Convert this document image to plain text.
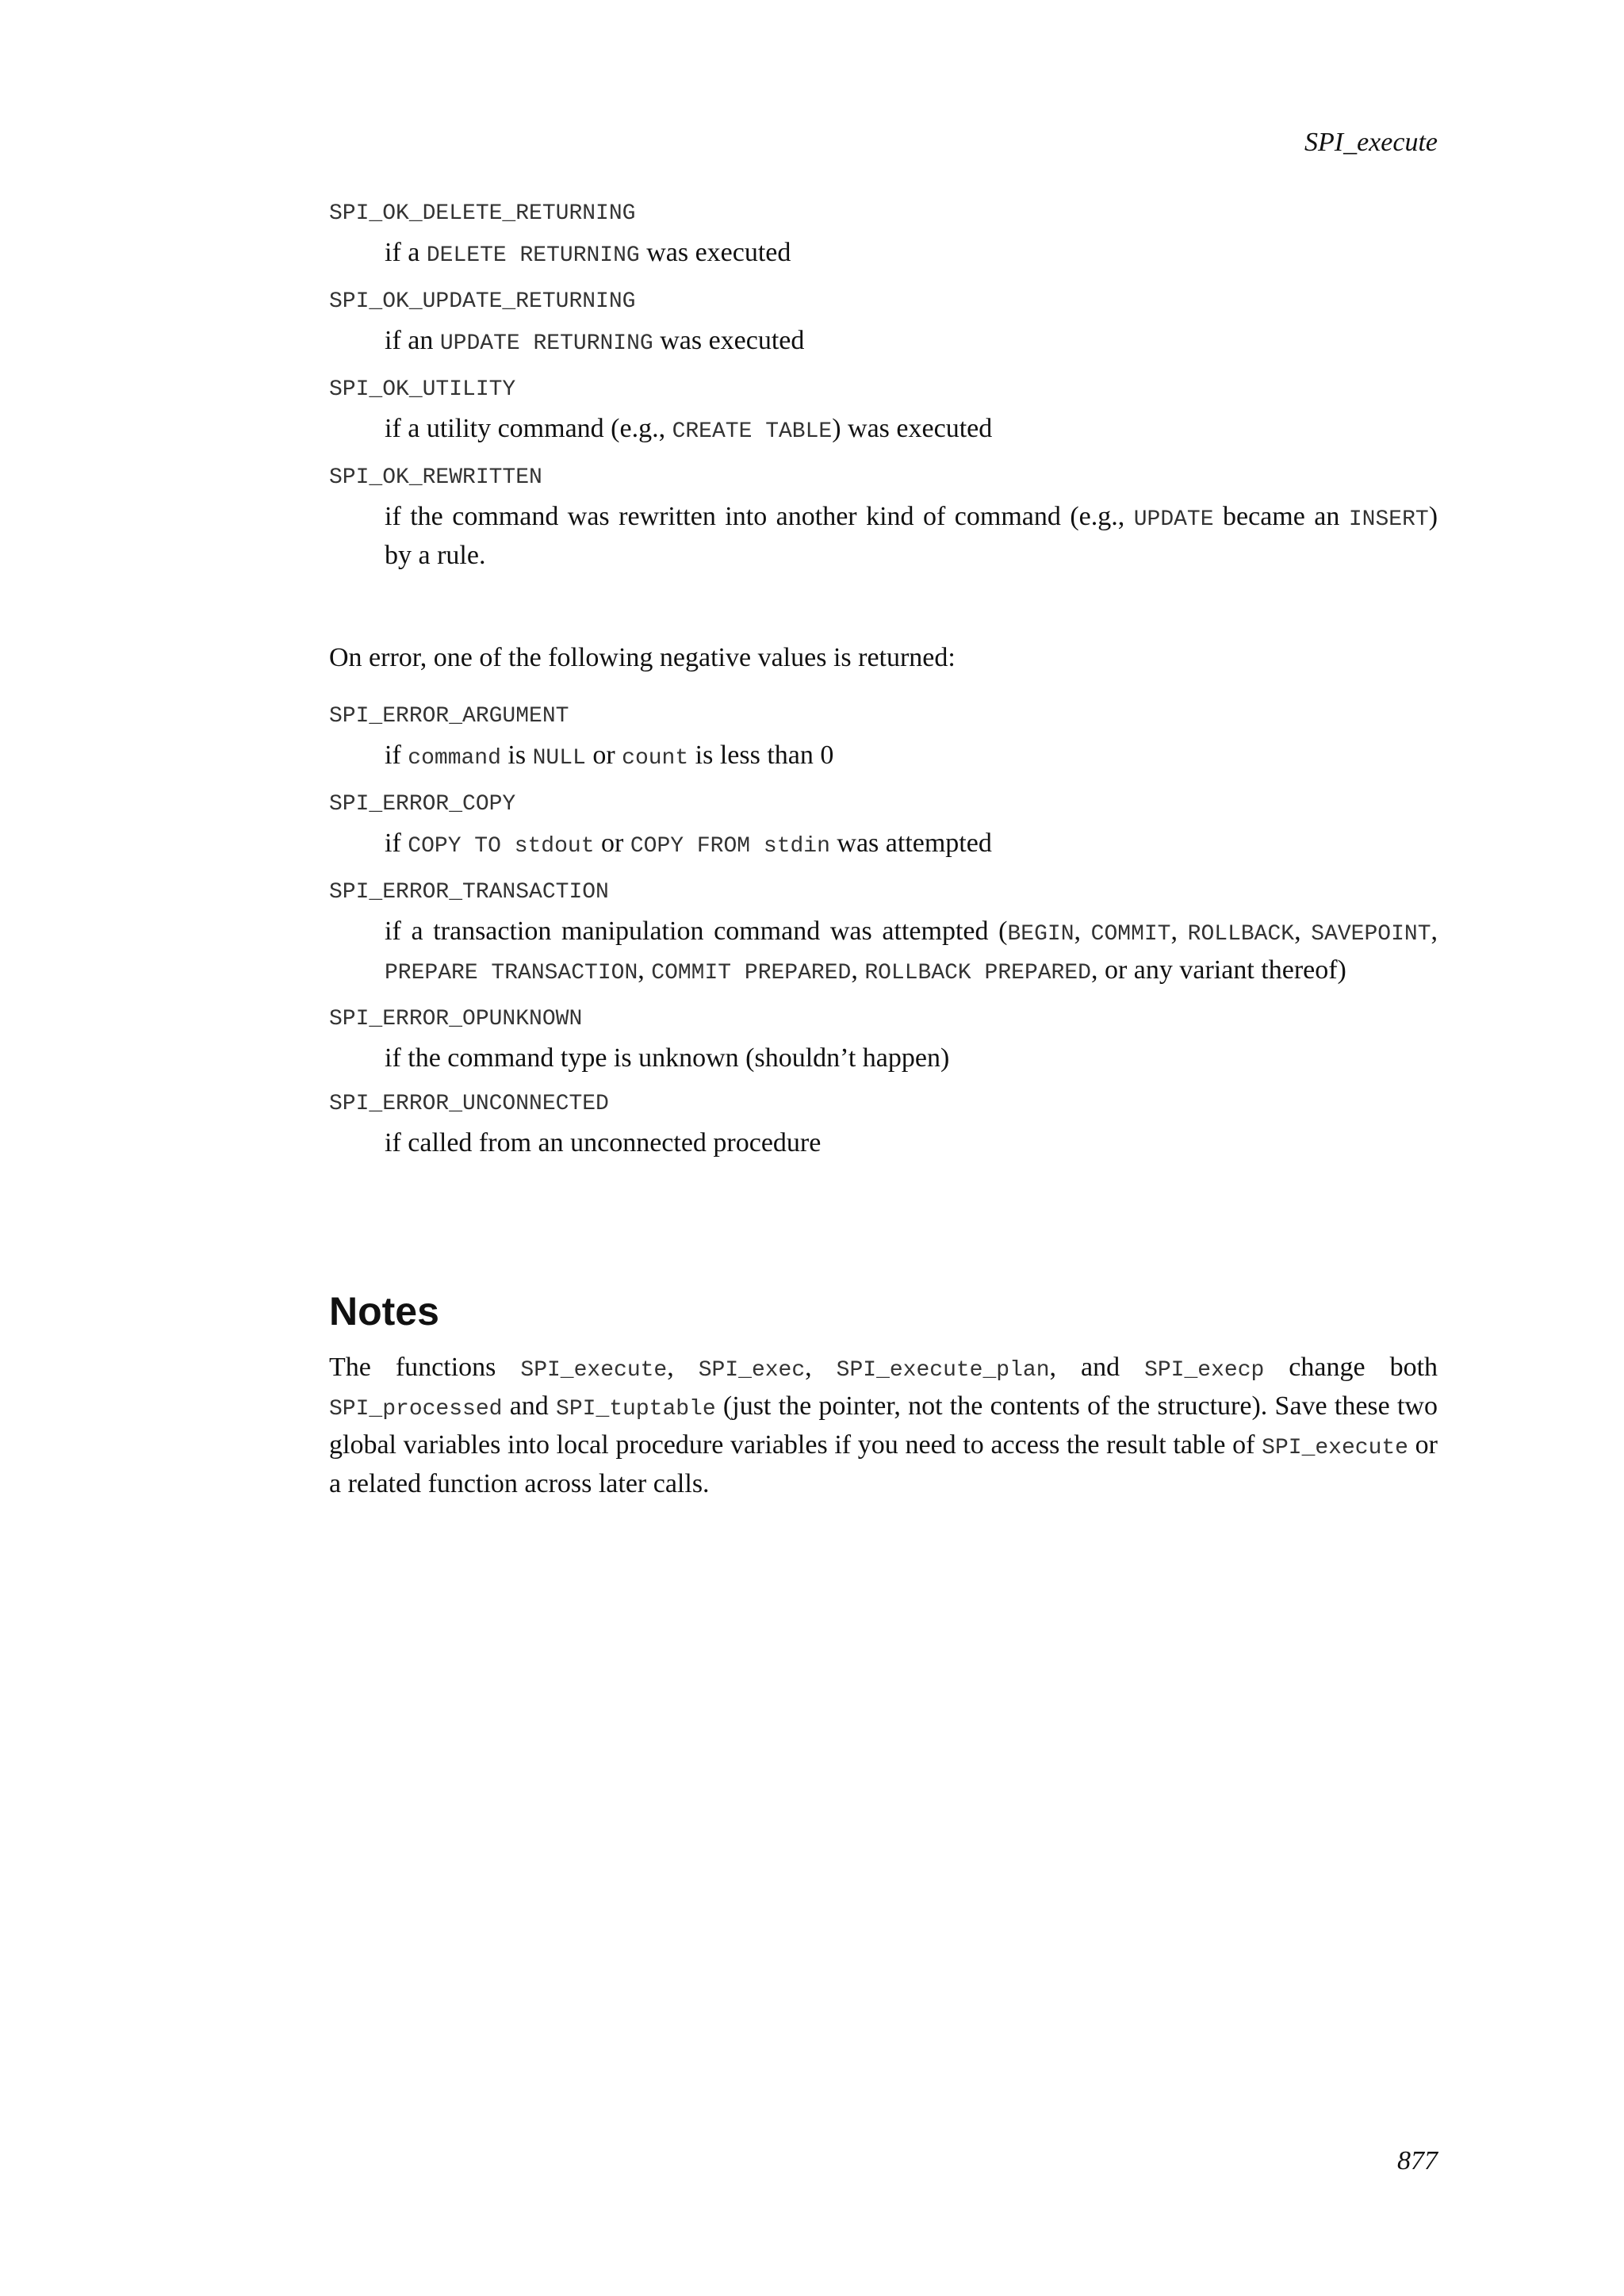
SPI_execute
SPI_OK_DELETE_RETURNING
if a DELETE RETURNING was executed
SPI_OK_UPDATE_RETURNING
if an UPDATE RETURNING was executed
SPI_OK_UTILITY
if a utility command (e.g., CREATE TABLE) was executed
SPI_OK_REWRITTEN
if the command was rewritten into another kind of command (e.g., UPDATE became an INSERT) by a rule.

On error, one of the following negative values is returned:

SPI_ERROR_ARGUMENT
if command is NULL or count is less than 0
SPI_ERROR_COPY
if COPY TO stdout or COPY FROM stdin was attempted
SPI_ERROR_TRANSACTION
if a transaction manipulation command was attempted (BEGIN, COMMIT, ROLLBACK, SAVEPOINT, PREPARE TRANSACTION, COMMIT PREPARED, ROLLBACK PREPARED, or any variant thereof)
SPI_ERROR_OPUNKNOWN
if the command type is unknown (shouldn’t happen)
SPI_ERROR_UNCONNECTED
if called from an unconnected procedure
Notes

The functions SPI_execute, SPI_exec, SPI_execute_plan, and SPI_execp change both SPI_processed and SPI_tuptable (just the pointer, not the contents of the structure). Save these two global variables into local procedure variables if you need to access the result table of SPI_execute or a related function across later calls.

877
